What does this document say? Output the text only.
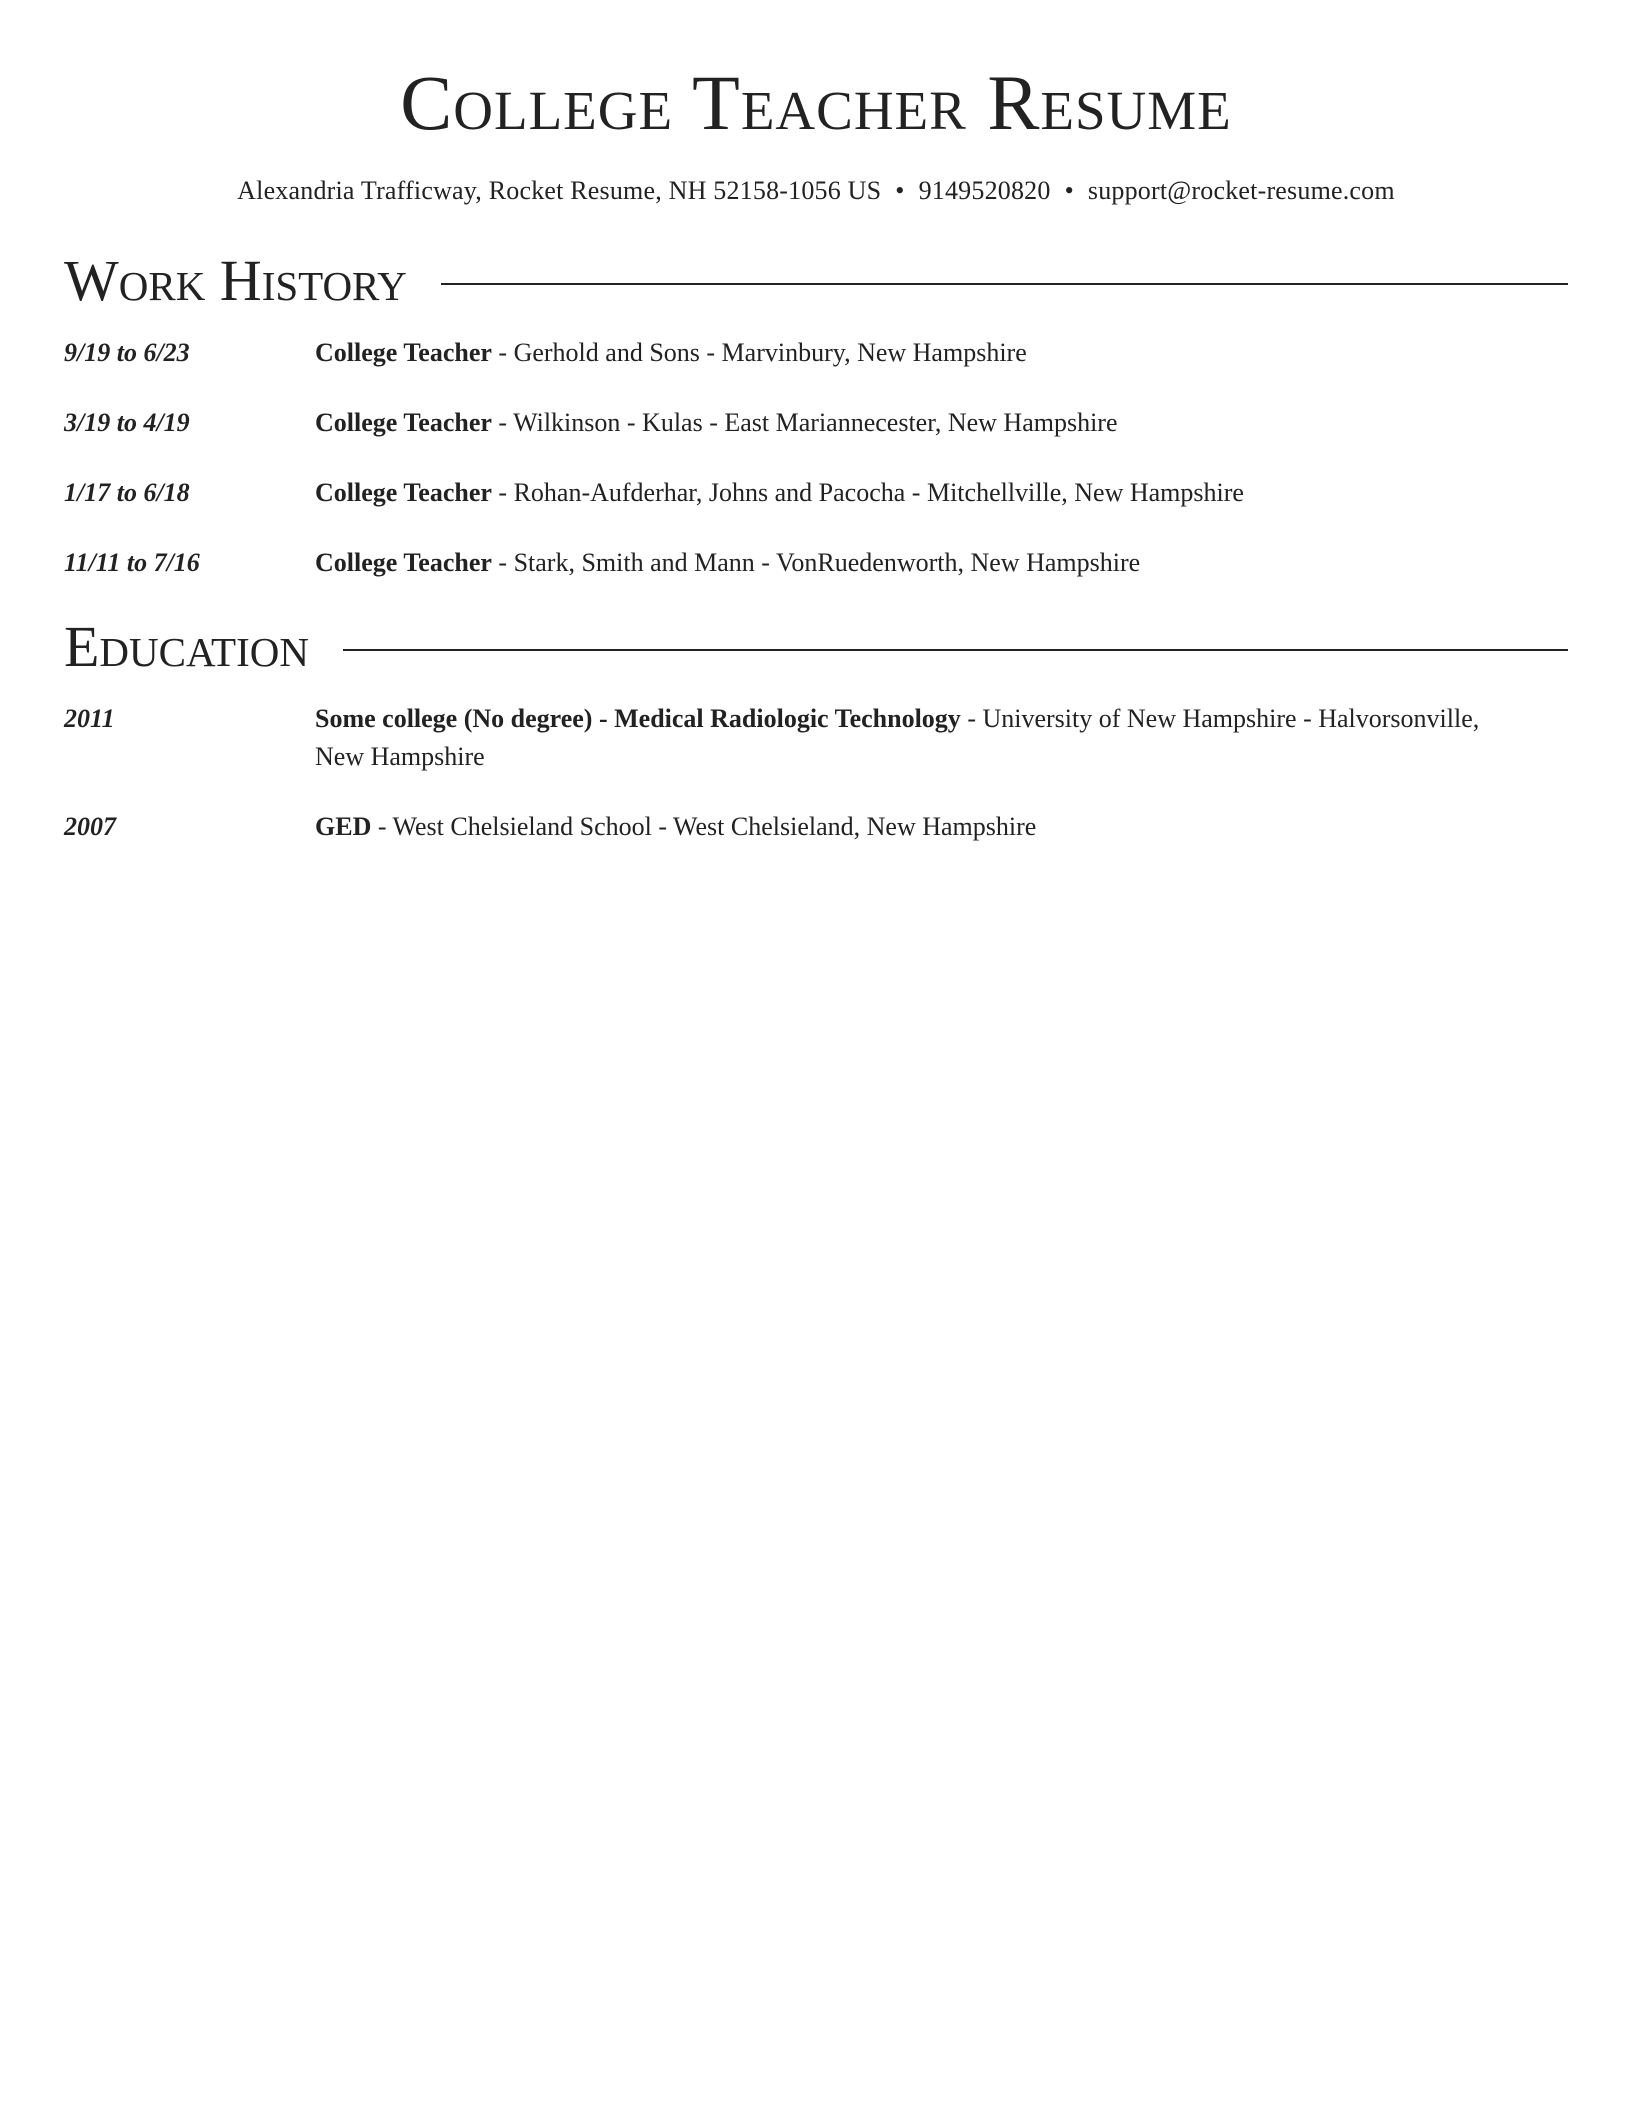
College Teacher Resume
Alexandria Trafficway, Rocket Resume, NH 52158-1056 US • 9149520820 • support@rocket-resume.com
Work History
9/19 to 6/23	College Teacher - Gerhold and Sons - Marvinbury, New Hampshire
3/19 to 4/19	College Teacher - Wilkinson - Kulas - East Mariannecester, New Hampshire
1/17 to 6/18	College Teacher - Rohan-Aufderhar, Johns and Pacocha - Mitchellville, New Hampshire
11/11 to 7/16	College Teacher - Stark, Smith and Mann - VonRuedenworth, New Hampshire
Education
2011	Some college (No degree) - Medical Radiologic Technology - University of New Hampshire - Halvorsonville, New Hampshire
2007	GED - West Chelsieland School - West Chelsieland, New Hampshire
